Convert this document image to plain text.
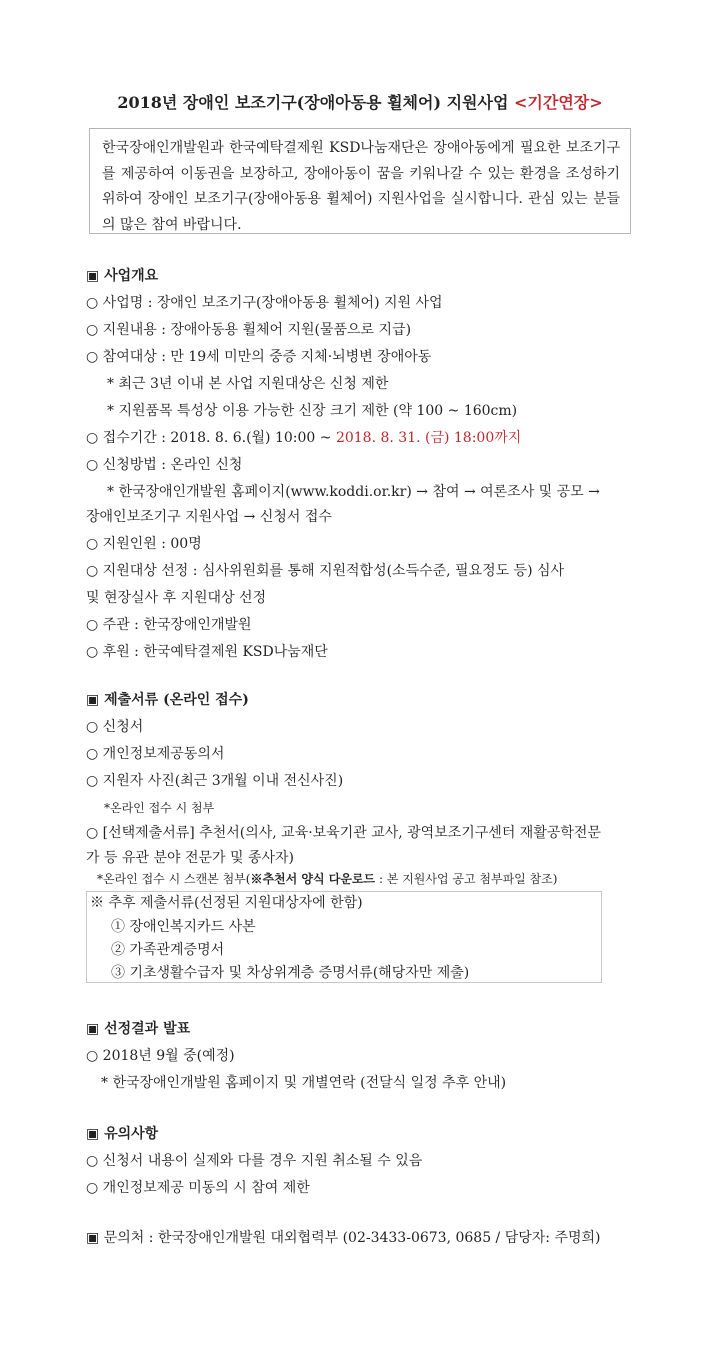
2018년 장애인 보조기구(장애아동용 휠체어) 지원사업 <기간연장>
한국장애인개발원과 한국예탁결제원 KSD나눔재단은 장애아동에게 필요한 보조기구를 제공하여 이동권을 보장하고, 장애아동이 꿈을 키워나갈 수 있는 환경을 조성하기 위하여 장애인 보조기구(장애아동용 휠체어) 지원사업을 실시합니다. 관심 있는 분들의 많은 참여 바랍니다.
▣ 사업개요
○ 사업명 : 장애인 보조기구(장애아동용 휠체어) 지원 사업
○ 지원내용 : 장애아동용 휠체어 지원(물품으로 지급)
○ 참여대상 : 만 19세 미만의 중증 지체·뇌병변 장애아동
* 최근 3년 이내 본 사업 지원대상은 신청 제한
* 지원품목 특성상 이용 가능한 신장 크기 제한 (약 100 ~ 160cm)
○ 접수기간 : 2018. 8. 6.(월) 10:00 ~ 2018. 8. 31. (금) 18:00까지
○ 신청방법 : 온라인 신청
* 한국장애인개발원 홈페이지(www.koddi.or.kr) → 참여 → 여론조사 및 공모 →
장애인보조기구 지원사업 → 신청서 접수
○ 지원인원 : 00명
○ 지원대상 선정 : 심사위원회를 통해 지원적합성(소득수준, 필요정도 등) 심사
및 현장실사 후 지원대상 선정
○ 주관 : 한국장애인개발원
○ 후원 : 한국예탁결제원 KSD나눔재단
▣ 제출서류 (온라인 접수)
○ 신청서
○ 개인정보제공동의서
○ 지원자 사진(최근 3개월 이내 전신사진)
*온라인 접수 시 첨부
○ [선택제출서류] 추천서(의사, 교육·보육기관 교사, 광역보조기구센터 재활공학전문
가 등 유관 분야 전문가 및 종사자)
*온라인 접수 시 스캔본 첨부(※추천서 양식 다운로드 : 본 지원사업 공고 첨부파일 참조)
※ 추후 제출서류(선정된 지원대상자에 한함)
① 장애인복지카드 사본
② 가족관계증명서
③ 기초생활수급자 및 차상위계층 증명서류(해당자만 제출)
▣ 선정결과 발표
○ 2018년 9월 중(예정)
* 한국장애인개발원 홈페이지 및 개별연락 (전달식 일정 추후 안내)
▣ 유의사항
○ 신청서 내용이 실제와 다를 경우 지원 취소될 수 있음
○ 개인정보제공 미동의 시 참여 제한
▣ 문의처 : 한국장애인개발원 대외협력부 (02-3433-0673, 0685 / 담당자: 주명희)
